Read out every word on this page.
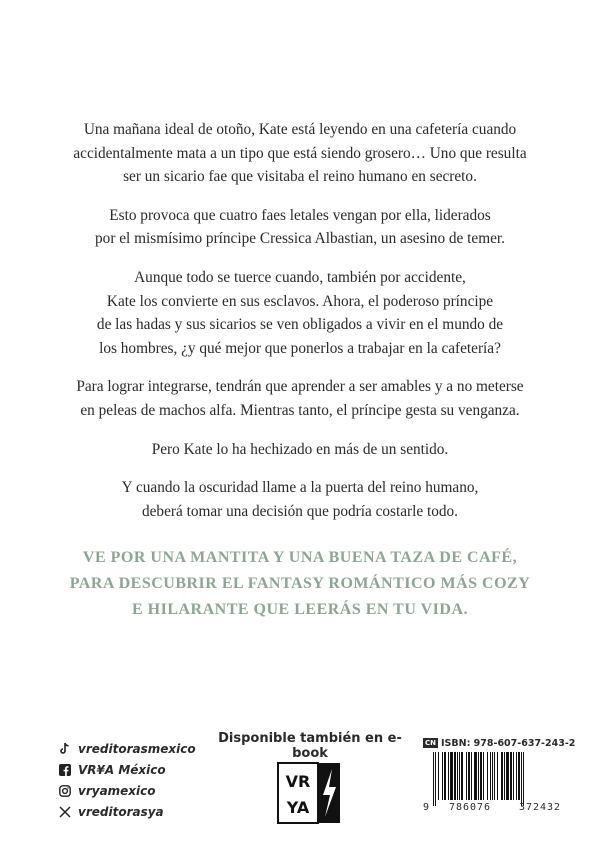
Una mañana ideal de otoño, Kate está leyendo en una cafetería cuando
accidentalmente mata a un tipo que está siendo grosero… Uno que resulta
ser un sicario fae que visitaba el reino humano en secreto.

Esto provoca que cuatro faes letales vengan por ella, liderados
por el mismísimo príncipe Cressica Albastian, un asesino de temer.

Aunque todo se tuerce cuando, también por accidente,
Kate los convierte en sus esclavos. Ahora, el poderoso príncipe
de las hadas y sus sicarios se ven obligados a vivir en el mundo de
los hombres, ¿y qué mejor que ponerlos a trabajar en la cafetería?

Para lograr integrarse, tendrán que aprender a ser amables y a no meterse
en peleas de machos alfa. Mientras tanto, el príncipe gesta su venganza.

Pero Kate lo ha hechizado en más de un sentido.

Y cuando la oscuridad llame a la puerta del reino humano,
deberá tomar una decisión que podría costarle todo.

VE POR UNA MANTITA Y UNA BUENA TAZA DE CAFÉ,
PARA DESCUBRIR EL FANTASY ROMÁNTICO MÁS COZY
E HILARANTE QUE LEERÁS EN TU VIDA.
vreditorasmexico
VR¥A México
vryamexico
vreditorasya
Disponible también en e-book
VR
YA
CN ISBN: 978-607-637-243-2
9	786076	372432
